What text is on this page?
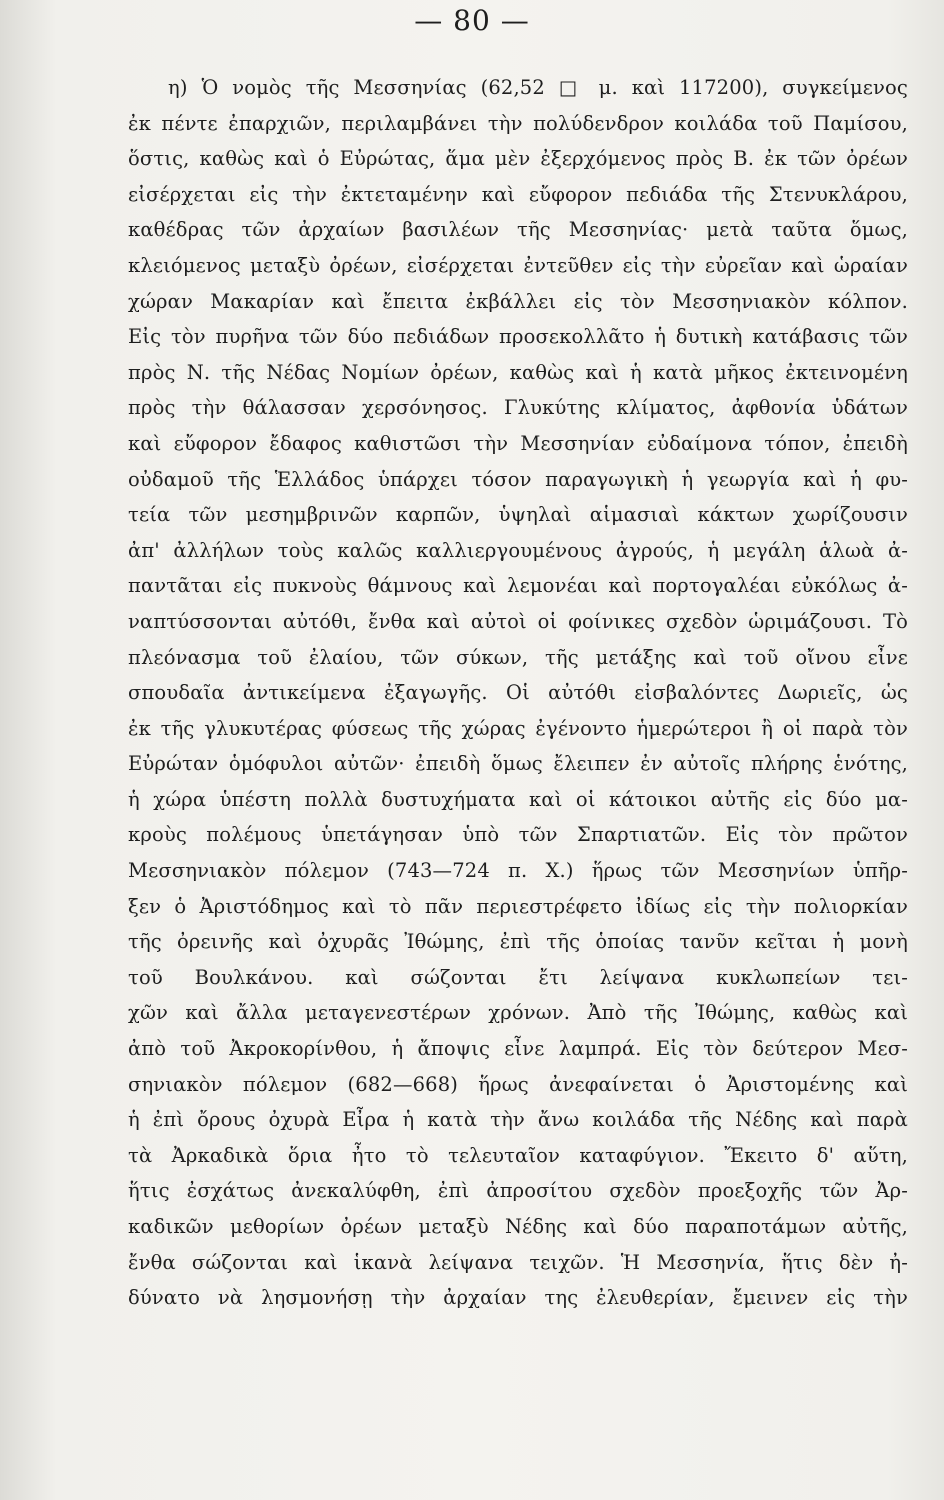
— 80 —
η) Ὁ νομὸς τῆς Μεσσηνίας (62,52 □ μ. καὶ 117200), συγκείμενος
ἐκ πέντε ἐπαρχιῶν, περιλαμβάνει τὴν πολύδενδρον κοιλάδα τοῦ Παμίσου,
ὅστις, καθὼς καὶ ὁ Εὐρώτας, ἅμα μὲν ἐξερχόμενος πρὸς Β. ἐκ τῶν ὀρέων
εἰσέρχεται εἰς τὴν ἐκτεταμένην καὶ εὔφορον πεδιάδα τῆς Στενυκλάρου,
καθέδρας τῶν ἀρχαίων βασιλέων τῆς Μεσσηνίας· μετὰ ταῦτα ὅμως,
κλειόμενος μεταξὺ ὀρέων, εἰσέρχεται ἐντεῦθεν εἰς τὴν εὐρεῖαν καὶ ὡραίαν
χώραν Μακαρίαν καὶ ἔπειτα ἐκβάλλει εἰς τὸν Μεσσηνιακὸν κόλπον.
Εἰς τὸν πυρῆνα τῶν δύο πεδιάδων προσεκολλᾶτο ἡ δυτικὴ κατάβασις τῶν
πρὸς Ν. τῆς Νέδας Νομίων ὀρέων, καθὼς καὶ ἡ κατὰ μῆκος ἐκτεινομένη
πρὸς τὴν θάλασσαν χερσόνησος. Γλυκύτης κλίματος, ἀφθονία ὑδάτων
καὶ εὔφορον ἔδαφος καθιστῶσι τὴν Μεσσηνίαν εὐδαίμονα τόπον, ἐπειδὴ
οὐδαμοῦ τῆς Ἑλλάδος ὑπάρχει τόσον παραγωγικὴ ἡ γεωργία καὶ ἡ φυ-
τεία τῶν μεσημβρινῶν καρπῶν, ὑψηλαὶ αἱμασιαὶ κάκτων χωρίζουσιν
ἀπ' ἀλλήλων τοὺς καλῶς καλλιεργουμένους ἀγρούς, ἡ μεγάλη ἁλωὰ ἀ-
παντᾶται εἰς πυκνοὺς θάμνους καὶ λεμονέαι καὶ πορτογαλέαι εὐκόλως ἀ-
ναπτύσσονται αὐτόθι, ἔνθα καὶ αὐτοὶ οἱ φοίνικες σχεδὸν ὡριμάζουσι. Τὸ
πλεόνασμα τοῦ ἐλαίου, τῶν σύκων, τῆς μετάξης καὶ τοῦ οἴνου εἶνε
σπουδαῖα ἀντικείμενα ἐξαγωγῆς. Οἱ αὐτόθι εἰσβαλόντες Δωριεῖς, ὡς
ἐκ τῆς γλυκυτέρας φύσεως τῆς χώρας ἐγένοντο ἡμερώτεροι ἢ οἱ παρὰ τὸν
Εὐρώταν ὁμόφυλοι αὐτῶν· ἐπειδὴ ὅμως ἔλειπεν ἐν αὐτοῖς πλήρης ἑνότης,
ἡ χώρα ὑπέστη πολλὰ δυστυχήματα καὶ οἱ κάτοικοι αὐτῆς εἰς δύο μα-
κροὺς πολέμους ὑπετάγησαν ὑπὸ τῶν Σπαρτιατῶν. Εἰς τὸν πρῶτον
Μεσσηνιακὸν πόλεμον (743—724 π. Χ.) ἥρως τῶν Μεσσηνίων ὑπῆρ-
ξεν ὁ Ἀριστόδημος καὶ τὸ πᾶν περιεστρέφετο ἰδίως εἰς τὴν πολιορκίαν
τῆς ὀρεινῆς καὶ ὀχυρᾶς Ἰθώμης, ἐπὶ τῆς ὁποίας τανῦν κεῖται ἡ μονὴ
τοῦ Βουλκάνου. καὶ σώζονται ἔτι λείψανα κυκλωπείων τει-
χῶν καὶ ἄλλα μεταγενεστέρων χρόνων. Ἀπὸ τῆς Ἰθώμης, καθὼς καὶ
ἀπὸ τοῦ Ἀκροκορίνθου, ἡ ἄποψις εἶνε λαμπρά. Εἰς τὸν δεύτερον Μεσ-
σηνιακὸν πόλεμον (682—668) ἥρως ἀνεφαίνεται ὁ Ἀριστομένης καὶ
ἡ ἐπὶ ὄρους ὀχυρὰ Εἶρα ἡ κατὰ τὴν ἄνω κοιλάδα τῆς Νέδης καὶ παρὰ
τὰ Ἀρκαδικὰ ὅρια ἦτο τὸ τελευταῖον καταφύγιον. Ἔκειτο δ' αὕτη,
ἥτις ἐσχάτως ἀνεκαλύφθη, ἐπὶ ἀπροσίτου σχεδὸν προεξοχῆς τῶν Ἀρ-
καδικῶν μεθορίων ὀρέων μεταξὺ Νέδης καὶ δύο παραποτάμων αὐτῆς,
ἔνθα σώζονται καὶ ἱκανὰ λείψανα τειχῶν. Ἡ Μεσσηνία, ἥτις δὲν ἠ-
δύνατο νὰ λησμονήσῃ τὴν ἀρχαίαν της ἐλευθερίαν, ἔμεινεν εἰς τὴν
